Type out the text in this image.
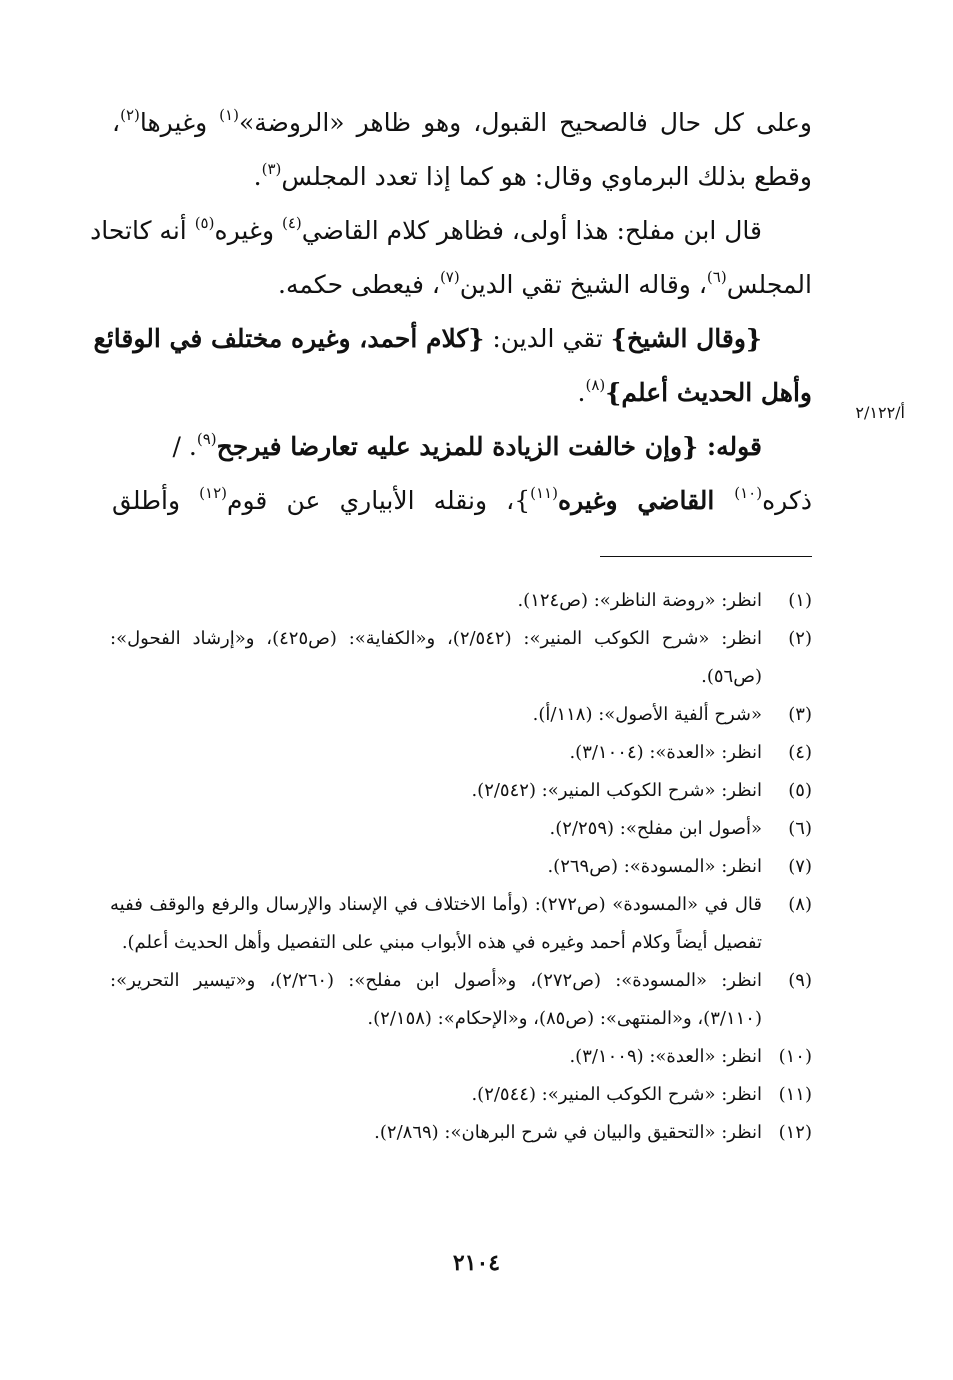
وعلى كل حال فالصحيح القبول، وهو ظاهر «الروضة»$^{(١)}$ وغيرها$^{(٢)}$،
وقطع بذلك البرماوي وقال: هو كما إذا تعدد المجلس$^{(٣)}$.
قال ابن مفلح: هذا أولى، فظاهر كلام القاضي$^{(٤)}$ وغيره$^{(٥)}$ أنه كاتحاد
المجلس$^{(٦)}$، وقاله الشيخ تقي الدين$^{(٧)}$، فيعطى حكمه.
{وقال الشيخ} تقي الدين: {كلام أحمد، وغيره مختلف في الوقائع
وأهل الحديث أعلم}$^{(٨)}$.
قوله: {وإن خالفت الزيادة للمزيد عليه تعارضا فيرجح$^{(٩)}$. /
ذكره$^{(١٠)}$ القاضي وغيره$^{(١١)}$}، ونقله الأبياري عن قوم$^{(١٢)}$ وأطلق
أ/٢/١٢٢
(١)
انظر: «روضة الناظر»: (ص١٢٤).
(٢)
انظر: «شرح الكوكب المنير»: (٢/٥٤٢)، و«الكفاية»: (ص٤٢٥)، و«إرشاد الفحول»: (ص٥٦).
(٣)
«شرح ألفية الأصول»: (١١٨/أ).
(٤)
انظر: «العدة»: (٣/١٠٠٤).
(٥)
انظر: «شرح الكوكب المنير»: (٢/٥٤٢).
(٦)
«أصول ابن مفلح»: (٢/٢٥٩).
(٧)
انظر: «المسودة»: (ص٢٦٩).
(٨)
قال في «المسودة» (ص٢٧٢): (وأما الاختلاف في الإسناد والإرسال والرفع والوقف ففيه تفصيل أيضاً وكلام أحمد وغيره في هذه الأبواب مبني على التفصيل وأهل الحديث أعلم).
(٩)
انظر: «المسودة»: (ص٢٧٢)، و«أصول ابن مفلح»: (٢/٢٦٠)، و«تيسير التحرير»: (٣/١١٠)، و«المنتهى»: (ص٨٥)، و«الإحكام»: (٢/١٥٨).
(١٠)
انظر: «العدة»: (٣/١٠٠٩).
(١١)
انظر: «شرح الكوكب المنير»: (٢/٥٤٤).
(١٢)
انظر: «التحقيق والبيان في شرح البرهان»: (٢/٨٦٩).
٢١٠٤
